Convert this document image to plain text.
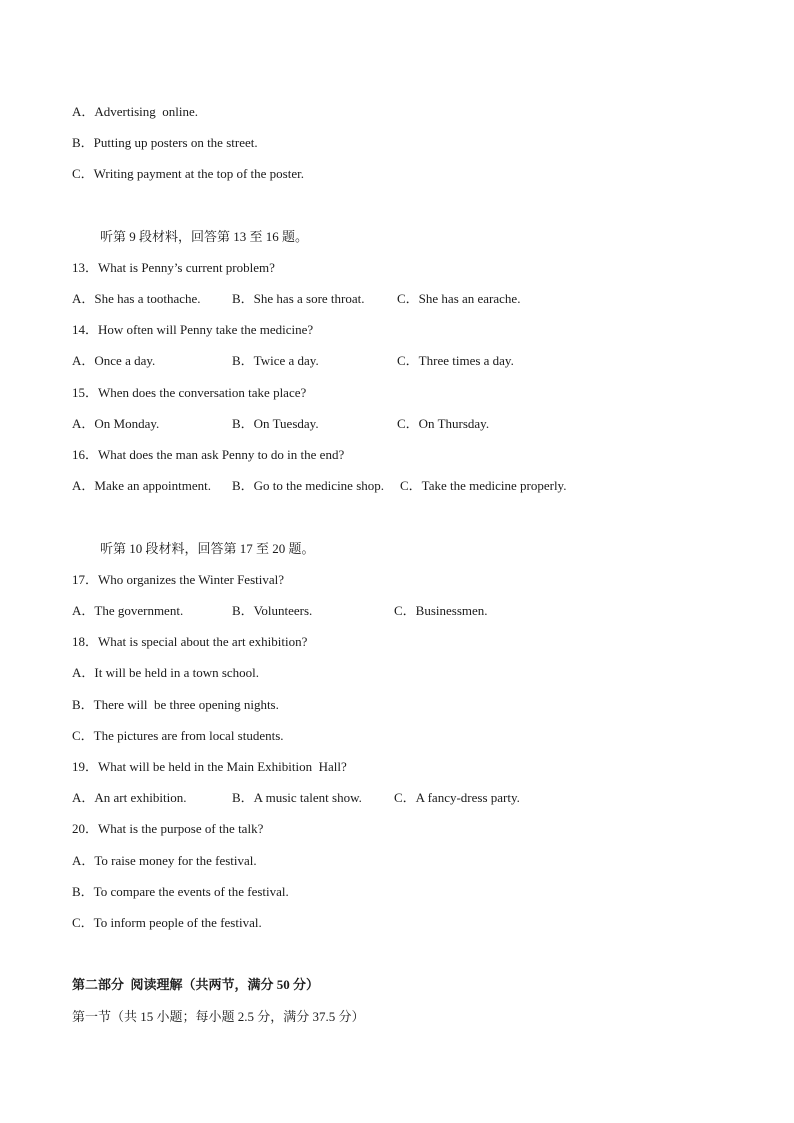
A．Advertising  online.
B．Putting up posters on the street.
C．Writing payment at the top of the poster.
听第 9 段材料，回答第 13 至 16 题。
13．What is Penny’s current problem?
A．She has a toothache. B．She has a sore throat. C．She has an earache.
14．How often will Penny take the medicine?
A．Once a day.	B．Twice a day.	C．Three times a day.
15．When does the conversation take place?
A．On Monday.	B．On Tuesday.	C．On Thursday.
16．What does the man ask Penny to do in the end?
A．Make an appointment. B．Go to the medicine shop. C．Take the medicine properly.
听第 10 段材料，回答第 17 至 20 题。
17．Who organizes the Winter Festival?
A．The government.	B．Volunteers.	C．Businessmen.
18．What is special about the art exhibition?
A．It will be held in a town school.
B．There will  be three opening nights.
C．The pictures are from local students.
19．What will be held in the Main Exhibition  Hall?
A．An art exhibition.	B．A music talent show. C．A fancy-dress party.
20．What is the purpose of the talk?
A．To raise money for the festival.
B．To compare the events of the festival.
C．To inform people of the festival.
第二部分  阅读理解（共两节，满分 50 分）
第一节（共 15 小题；每小题 2.5 分，满分 37.5 分）
